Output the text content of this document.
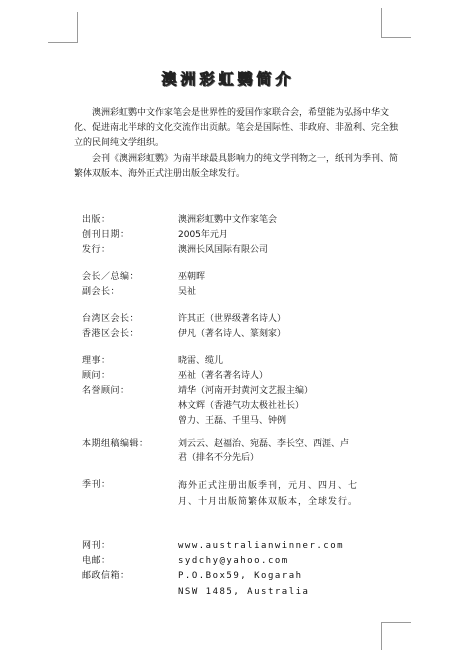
澳洲彩虹鹦简介

澳洲彩虹鹦中文作家笔会是世界性的爱国作家联合会，希望能为弘扬中华文化、促进南北半球的文化交流作出贡献。笔会是国际性、非政府、非盈利、完全独立的民间纯文学组织。

会刊《澳洲彩虹鹦》为南半球最具影响力的纯文学刊物之一，纸刊为季刊、简繁体双版本、海外正式注册出版全球发行。

出版：	澳洲彩虹鹦中文作家笔会
创刊日期：	2005年元月
发行：	澳洲长风国际有限公司
会长／总编：	巫朝晖
副会长：	吴祉
台湾区会长：	许其正（世界级著名诗人）
香港区会长：	伊凡（著名诗人、篆刻家）
理事：	晓雷、缆儿
顾问：	巫祉（著名著名诗人）
名誉顾问：	靖华（河南开封黄河文艺报主编）
林文辉（香港气功太极社社长）
曾力、王磊、千里马、钟例
本期组稿编辑：	刘云云、赵福治、宛磊、李长空、西涯、卢君（排名不分先后）
季刊：	海外正式注册出版季刊，元月、四月、七月、十月出版简繁体双版本，全球发行。
网刊：	www.australianwinner.com
电邮：	sydchy@yahoo.com
邮政信箱：	P.O.Box59, Kogarah
NSW 1485, Australia
